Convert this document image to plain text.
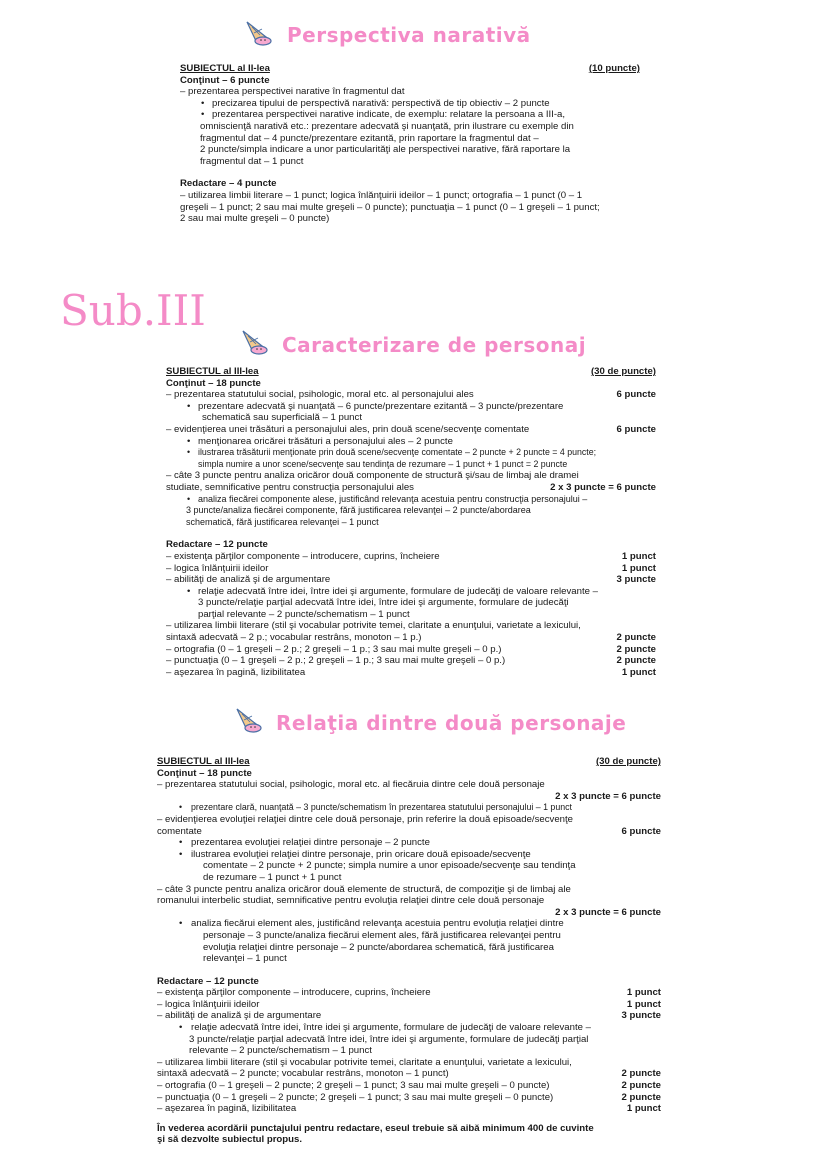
Perspectiva narativă
SUBIECTUL al II-lea	(10 puncte)
Conţinut – 6 puncte
– prezentarea perspectivei narative în fragmentul dat
• precizarea tipului de perspectivă narativă: perspectivă de tip obiectiv – 2 puncte
• prezentarea perspectivei narative indicate, de exemplu: relatare la persoana a III-a,
omniscienţă narativă etc.: prezentare adecvată şi nuanţată, prin ilustrare cu exemple din
fragmentul dat – 4 puncte/prezentare ezitantă, prin raportare la fragmentul dat –
2 puncte/simpla indicare a unor particularităţi ale perspectivei narative, fără raportare la
fragmentul dat – 1 punct
Redactare – 4 puncte
– utilizarea limbii literare – 1 punct; logica înlănţuirii ideilor – 1 punct; ortografia – 1 punct (0 – 1
greşeli – 1 punct; 2 sau mai multe greşeli – 0 puncte); punctuaţia – 1 punct (0 – 1 greşeli – 1 punct;
2 sau mai multe greşeli – 0 puncte)
Sub.III
Caracterizare de personaj
SUBIECTUL al III-lea	(30 de puncte)
Conţinut – 18 puncte
– prezentarea statutului social, psihologic, moral etc. al personajului ales	6 puncte
• prezentare adecvată şi nuanţată – 6 puncte/prezentare ezitantă – 3 puncte/prezentare
schematică sau superficială – 1 punct
– evidenţierea unei trăsături a personajului ales, prin două scene/secvenţe comentate	6 puncte
• menţionarea oricărei trăsături a personajului ales – 2 puncte
• ilustrarea trăsăturii menţionate prin două scene/secvenţe comentate – 2 puncte + 2 puncte = 4 puncte;
simpla numire a unor scene/secvenţe sau tendinţa de rezumare – 1 punct + 1 punct = 2 puncte
– câte 3 puncte pentru analiza oricăror două componente de structură şi/sau de limbaj ale dramei
studiate, semnificative pentru construcţia personajului ales	2 x 3 puncte = 6 puncte
• analiza fiecărei componente alese, justificând relevanţa acestuia pentru construcţia personajului –
3 puncte/analiza fiecărei componente, fără justificarea relevanţei – 2 puncte/abordarea
schematică, fără justificarea relevanţei – 1 punct
Redactare – 12 puncte
– existenţa părţilor componente – introducere, cuprins, încheiere	1 punct
– logica înlănţuirii ideilor	1 punct
– abilităţi de analiză şi de argumentare	3 puncte
• relaţie adecvată între idei, între idei şi argumente, formulare de judecăţi de valoare relevante –
3 puncte/relaţie parţial adecvată între idei, între idei şi argumente, formulare de judecăţi
parţial relevante – 2 puncte/schematism – 1 punct
– utilizarea limbii literare (stil şi vocabular potrivite temei, claritate a enunţului, varietate a lexicului,
sintaxă adecvată – 2 p.; vocabular restrâns, monoton – 1 p.)	2 puncte
– ortografia (0 – 1 greşeli – 2 p.; 2 greşeli – 1 p.; 3 sau mai multe greşeli – 0 p.)	2 puncte
– punctuaţia (0 – 1 greşeli – 2 p.; 2 greşeli – 1 p.; 3 sau mai multe greşeli – 0 p.)	2 puncte
– aşezarea în pagină, lizibilitatea	1 punct
Relaţia dintre două personaje
SUBIECTUL al III-lea	(30 de puncte)
Conţinut – 18 puncte
– prezentarea statutului social, psihologic, moral etc. al fiecăruia dintre cele două personaje
2 x 3 puncte = 6 puncte
• prezentare clară, nuanţată – 3 puncte/schematism în prezentarea statutului personajului – 1 punct
– evidenţierea evoluţiei relaţiei dintre cele două personaje, prin referire la două episoade/secvenţe
comentate	6 puncte
• prezentarea evoluţiei relaţiei dintre personaje – 2 puncte
• ilustrarea evoluţiei relaţiei dintre personaje, prin oricare două episoade/secvenţe
comentate – 2 puncte + 2 puncte; simpla numire a unor episoade/secvenţe sau tendinţa
de rezumare – 1 punct + 1 punct
– câte 3 puncte pentru analiza oricăror două elemente de structură, de compoziţie şi de limbaj ale
romanului interbelic studiat, semnificative pentru evoluţia relaţiei dintre cele două personaje
2 x 3 puncte = 6 puncte
• analiza fiecărui element ales, justificând relevanţa acestuia pentru evoluţia relaţiei dintre
personaje – 3 puncte/analiza fiecărui element ales, fără justificarea relevanţei pentru
evoluţia relaţiei dintre personaje – 2 puncte/abordarea schematică, fără justificarea
relevanţei – 1 punct
Redactare – 12 puncte
– existenţa părţilor componente – introducere, cuprins, încheiere	1 punct
– logica înlănţuirii ideilor	1 punct
– abilităţi de analiză şi de argumentare	3 puncte
• relaţie adecvată între idei, între idei şi argumente, formulare de judecăţi de valoare relevante –
3 puncte/relaţie parţial adecvată între idei, între idei şi argumente, formulare de judecăţi parţial
relevante – 2 puncte/schematism – 1 punct
– utilizarea limbii literare (stil şi vocabular potrivite temei, claritate a enunţului, varietate a lexicului,
sintaxă adecvată – 2 puncte; vocabular restrâns, monoton – 1 punct)	2 puncte
– ortografia (0 – 1 greşeli – 2 puncte; 2 greşeli – 1 punct; 3 sau mai multe greşeli – 0 puncte)	2 puncte
– punctuaţia (0 – 1 greşeli – 2 puncte; 2 greşeli – 1 punct; 3 sau mai multe greşeli – 0 puncte)	2 puncte
– aşezarea în pagină, lizibilitatea	1 punct
În vederea acordării punctajului pentru redactare, eseul trebuie să aibă minimum 400 de cuvinte
şi să dezvolte subiectul propus.
